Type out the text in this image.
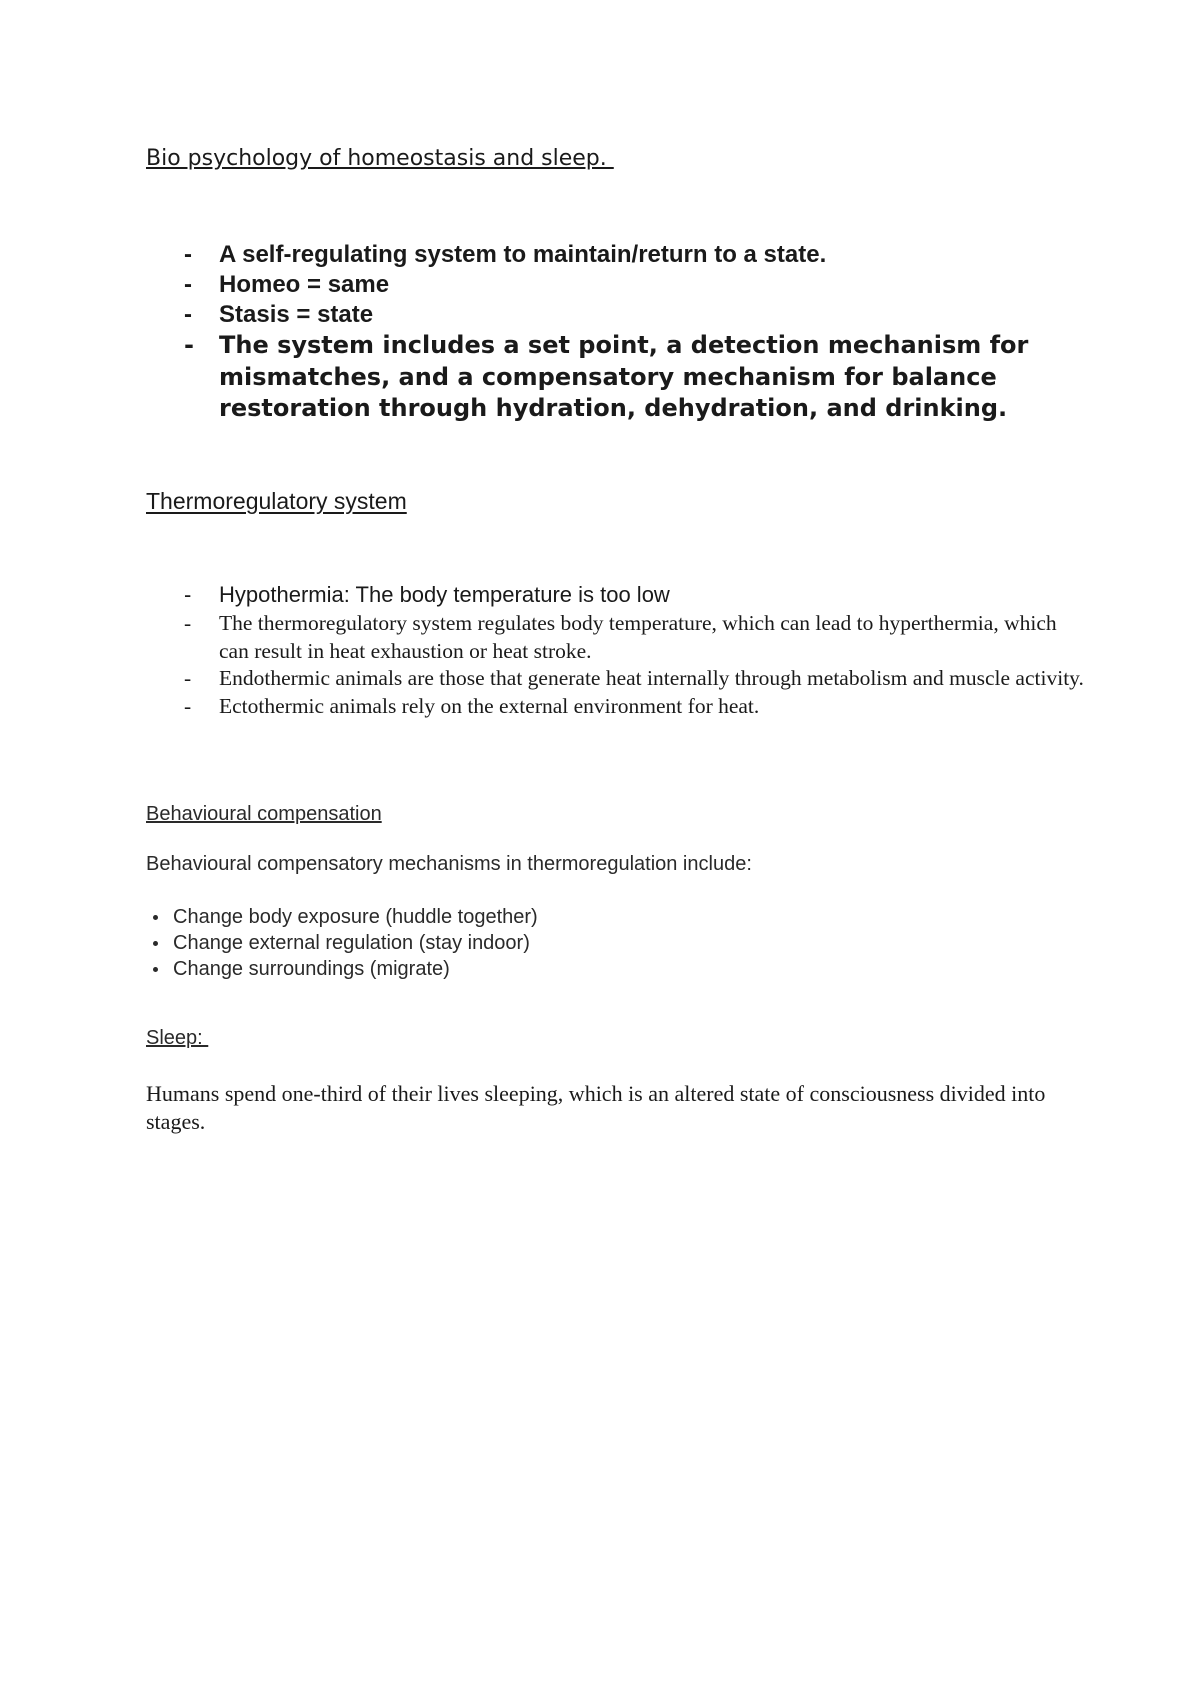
Bio psychology of homeostasis and sleep.
- A self-regulating system to maintain/return to a state.
- Homeo = same
- Stasis = state
- The system includes a set point, a detection mechanism for mismatches, and a compensatory mechanism for balance restoration through hydration, dehydration, and drinking.
Thermoregulatory system
- Hypothermia: The body temperature is too low
- The thermoregulatory system regulates body temperature, which can lead to hyperthermia, which can result in heat exhaustion or heat stroke.
- Endothermic animals are those that generate heat internally through metabolism and muscle activity.
- Ectothermic animals rely on the external environment for heat.
Behavioural compensation

Behavioural compensatory mechanisms in thermoregulation include:

Change body exposure (huddle together)
Change external regulation (stay indoor)
Change surroundings (migrate)
Sleep:

Humans spend one-third of their lives sleeping, which is an altered state of consciousness divided into stages.
